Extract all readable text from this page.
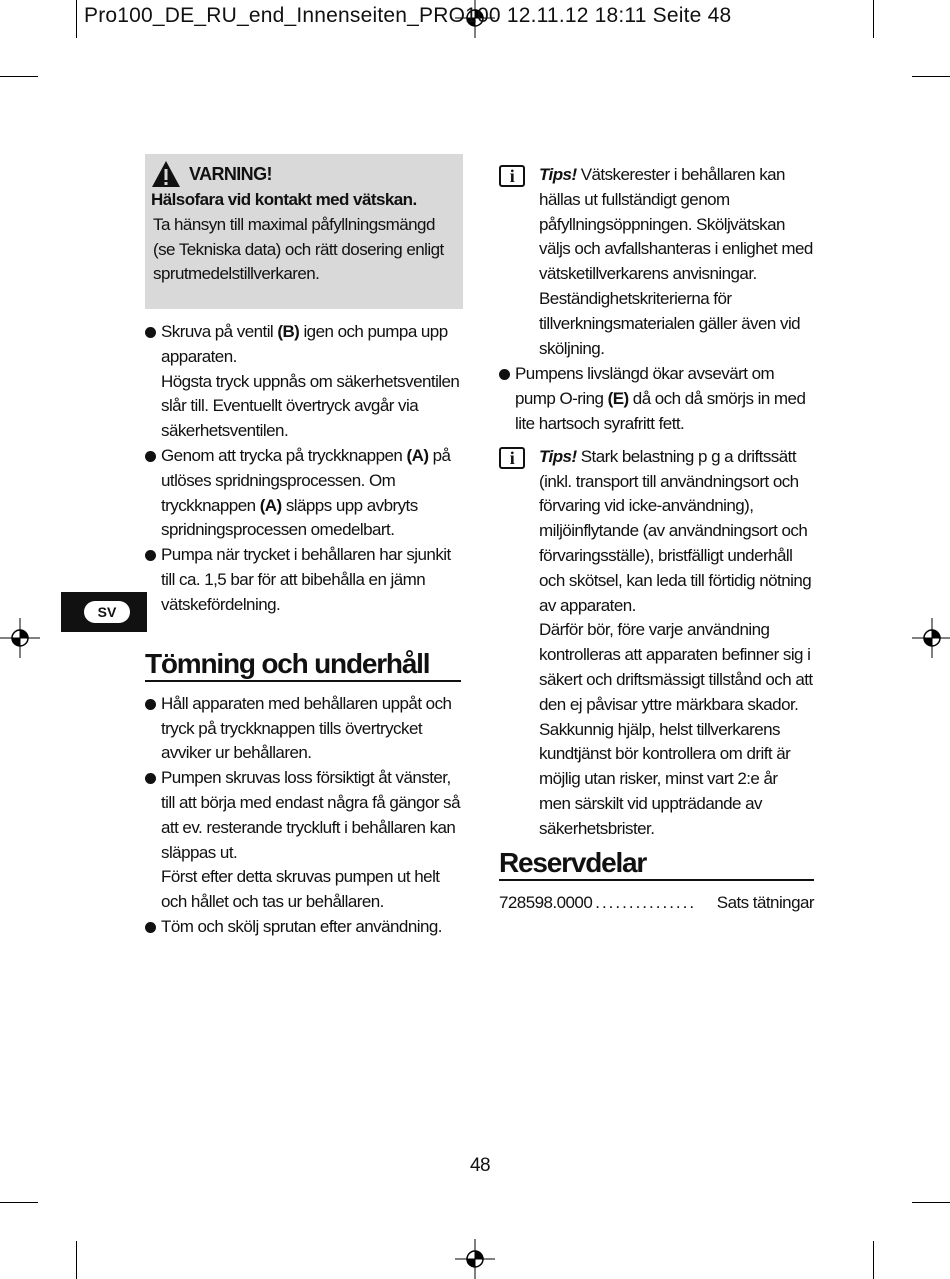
Pro100_DE_RU_end_Innenseiten_PRO100 12.11.12 18:11 Seite 48
VARNING!
Hälsofara vid kontakt med vätskan.
Ta hänsyn till maximal påfyllningsmängd (se Tekniska data) och rätt dosering enligt sprutmedelstillverkaren.
Skruva på ventil (B) igen och pumpa upp apparaten.

Högsta tryck uppnås om säkerhetsventilen slår till. Eventuellt övertryck avgår via säkerhetsventilen.

Genom att trycka på tryckknappen (A) på utlöses spridningsprocessen. Om tryckknappen (A) släpps upp avbryts spridningsprocessen omedelbart.
Pumpa när trycket i behållaren har sjunkit till ca. 1,5 bar för att bibehålla en jämn vätskefördelning.
Tömning och underhåll
Håll apparaten med behållaren uppåt och tryck på tryckknappen tills övertrycket avviker ur behållaren.
Pumpen skruvas loss försiktigt åt vänster, till att börja med endast några få gängor så att ev. resterande tryckluft i behållaren kan släppas ut.

Först efter detta skruvas pumpen ut helt och hållet och tas ur behållaren.

Töm och skölj sprutan efter användning.
i	Tips! Vätskerester i behållaren kan hällas ut fullständigt genom påfyllningsöppningen. Sköljvätskan väljs och avfallshanteras i enlighet med vätsketillverkarens anvisningar. Beständighetskriterierna för tillverkningsmaterialen gäller även vid sköljning.
Pumpens livslängd ökar avsevärt om pump O-ring (E) då och då smörjs in med lite hartsoch syrafritt fett.
i	Tips! Stark belastning p g a driftssätt (inkl. transport till användningsort och förvaring vid icke-användning), miljöinflytande (av användningsort och förvaringsställe), bristfälligt underhåll och skötsel, kan leda till förtidig nötning av apparaten.

Därför bör, före varje användning kontrolleras att apparaten befinner sig i säkert och driftsmässigt tillstånd och att den ej påvisar yttre märkbara skador. Sakkunnig hjälp, helst tillverkarens kundtjänst bör kontrollera om drift är möjlig utan risker, minst vart 2:e år men särskilt vid uppträdande av säkerhetsbrister.

Reservdelar
728598.0000 ...............	Sats tätningar
SV
48
